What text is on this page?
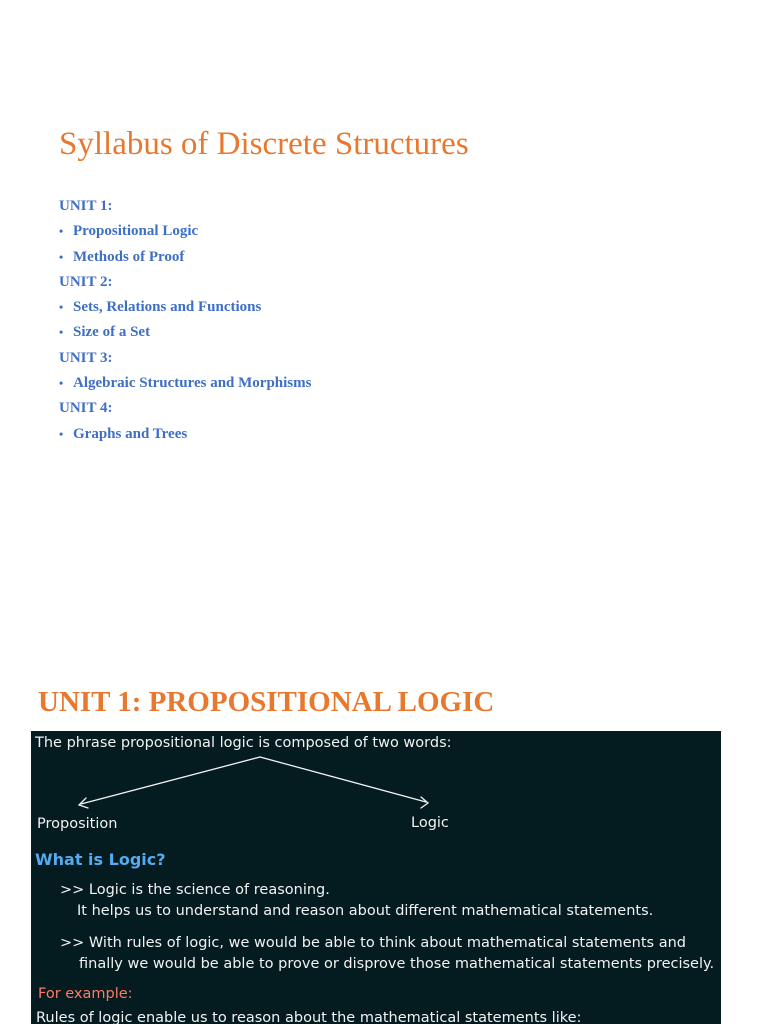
Syllabus of Discrete Structures
UNIT 1:
• Propositional Logic
• Methods of Proof
UNIT 2:
• Sets, Relations and Functions
• Size of a Set
UNIT 3:
• Algebraic Structures and Morphisms
UNIT 4:
• Graphs and Trees
UNIT 1: PROPOSITIONAL LOGIC
The phrase propositional logic is composed of two words:
Proposition	Logic
What is Logic?
>> Logic is the science of reasoning.
It helps us to understand and reason about different mathematical statements.
>> With rules of logic, we would be able to think about mathematical statements and
finally we would be able to prove or disprove those mathematical statements precisely.
For example:
Rules of logic enable us to reason about the mathematical statements like:
